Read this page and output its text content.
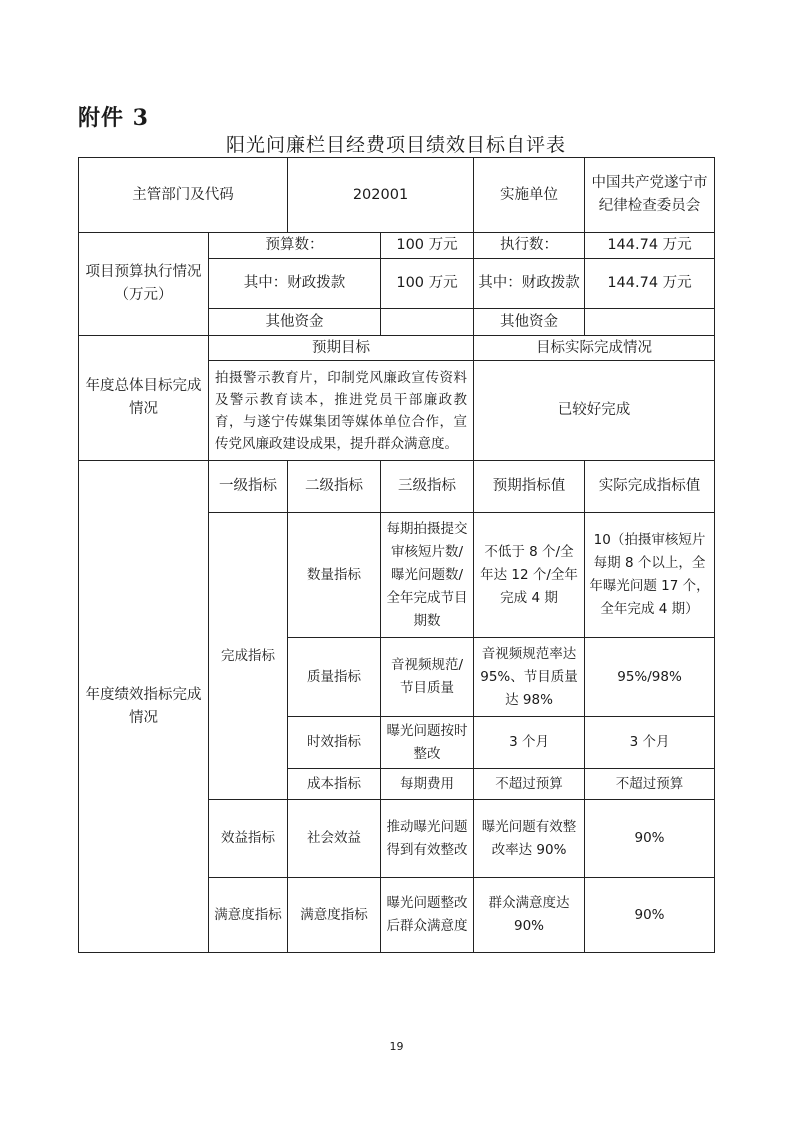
附件 3
阳光问廉栏目经费项目绩效目标自评表
主管部门及代码		202001		实施单位	中国共产党遂宁市纪律检查委员会
项目预算执行情况（万元）	预算数：		100 万元	执行数：	144.74 万元
	其中：财政拨款		100 万元	其中：财政拨款	144.74 万元
	其他资金			其他资金	
年度总体目标完成情况	预期目标			目标实际完成情况	
	拍摄警示教育片，印制党风廉政宣传资料及警示教育读本，推进党员干部廉政教育，与遂宁传媒集团等媒体单位合作，宣传党风廉政建设成果，提升群众满意度。			已较好完成	
年度绩效指标完成情况	一级指标	二级指标	三级指标	预期指标值	实际完成指标值
	完成指标	数量指标	每期拍摄提交审核短片数/曝光问题数/全年完成节目期数	不低于 8 个/全年达 12 个/全年完成 4 期	10（拍摄审核短片每期 8 个以上，全年曝光问题 17 个，全年完成 4 期）
		质量指标	音视频规范/节目质量	音视频规范率达 95%、节目质量达 98%	95%/98%
		时效指标	曝光问题按时整改	3 个月	3 个月
		成本指标	每期费用	不超过预算	不超过预算
	效益指标	社会效益	推动曝光问题得到有效整改	曝光问题有效整改率达 90%	90%
	满意度指标	满意度指标	曝光问题整改后群众满意度	群众满意度达 90%	90%
19
